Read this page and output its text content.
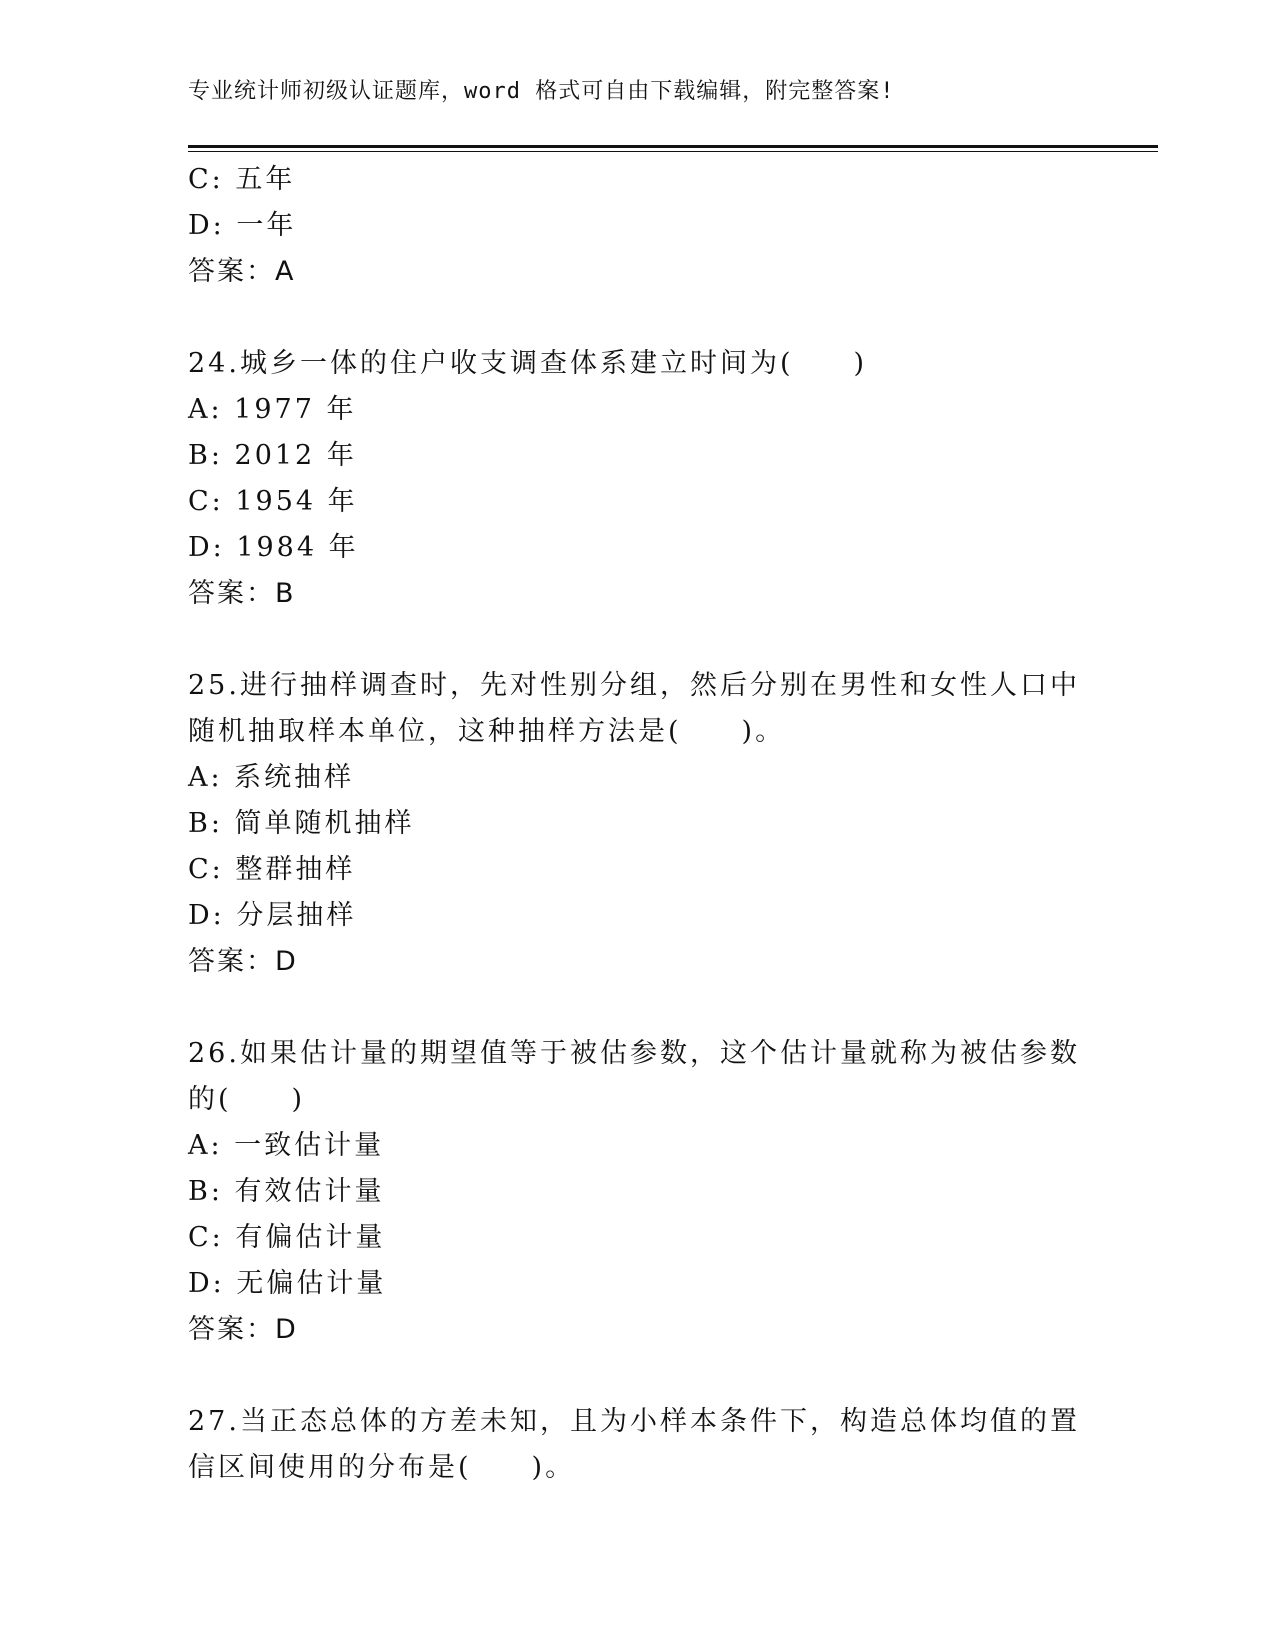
专业统计师初级认证题库，word 格式可自由下载编辑，附完整答案!
C: 五年
D: 一年
答案：A
24.城乡一体的住户收支调查体系建立时间为(　　)
A: 1977 年
B: 2012 年
C: 1954 年
D: 1984 年
答案：B
25.进行抽样调查时，先对性别分组，然后分别在男性和女性人口中随机抽取样本单位，这种抽样方法是(　　)。
A: 系统抽样
B: 简单随机抽样
C: 整群抽样
D: 分层抽样
答案：D
26.如果估计量的期望值等于被估参数，这个估计量就称为被估参数的(　　)
A: 一致估计量
B: 有效估计量
C: 有偏估计量
D: 无偏估计量
答案：D
27.当正态总体的方差未知，且为小样本条件下，构造总体均值的置信区间使用的分布是(　　)。
